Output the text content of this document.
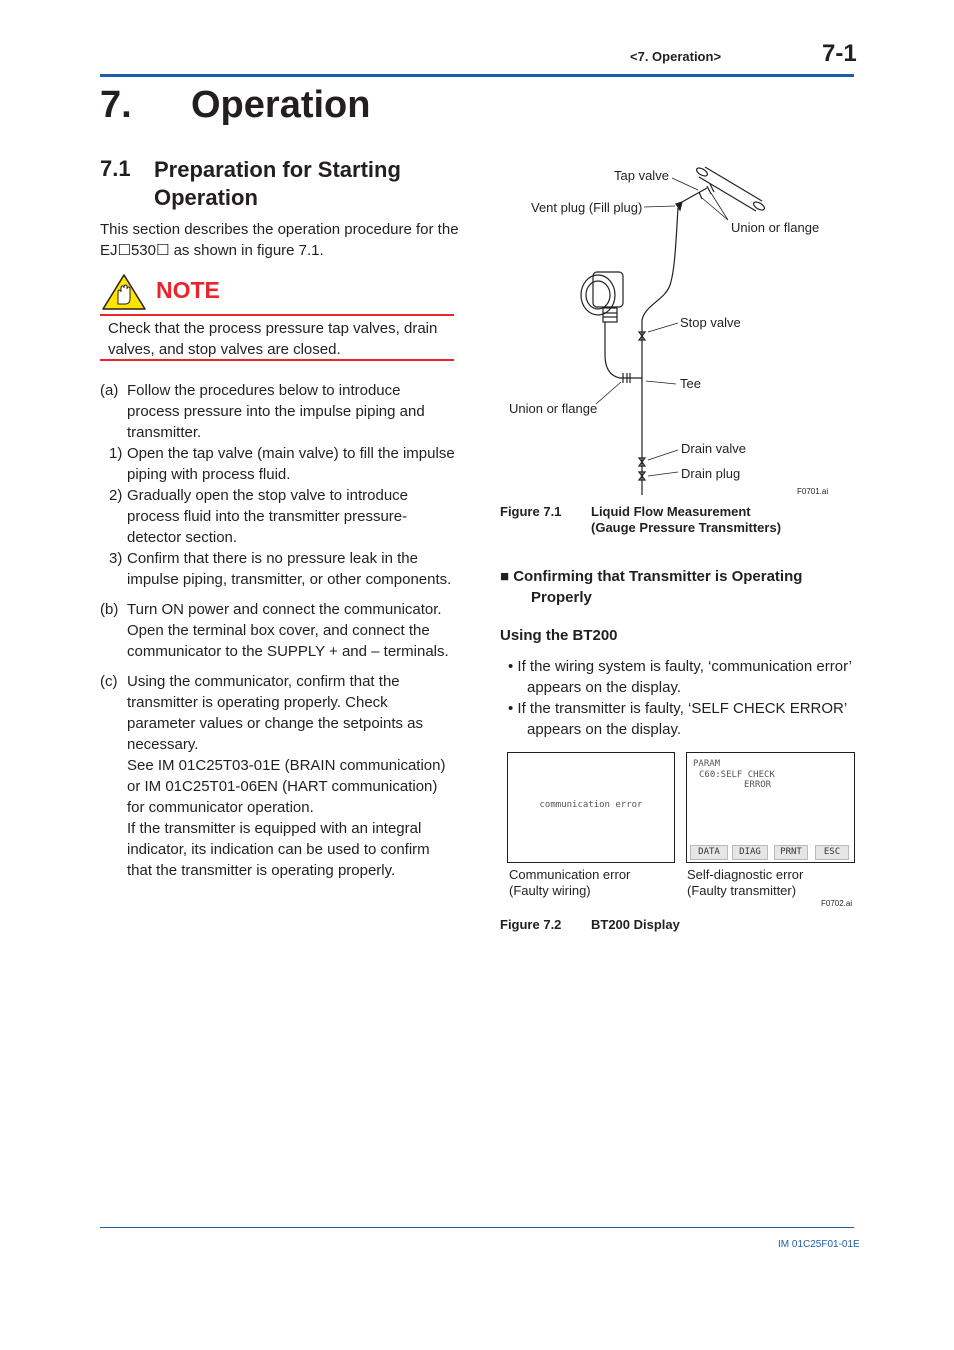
<7. Operation>	7-1
7. Operation
7.1 Preparation for Starting Operation
This section describes the operation procedure for the EJ☐530☐ as shown in figure 7.1.
NOTE
Check that the process pressure tap valves, drain valves, and stop valves are closed.
(a) Follow the procedures below to introduce process pressure into the impulse piping and transmitter.
1) Open the tap valve (main valve) to fill the impulse piping with process fluid.
2) Gradually open the stop valve to introduce process fluid into the transmitter pressure-detector section.
3) Confirm that there is no pressure leak in the impulse piping, transmitter, or other components.
(b) Turn ON power and connect the communicator. Open the terminal box cover, and connect the communicator to the SUPPLY + and – terminals.
(c) Using the communicator, confirm that the transmitter is operating properly. Check parameter values or change the setpoints as necessary.
See IM 01C25T03-01E (BRAIN communication) or IM 01C25T01-06EN (HART communication) for communicator operation.
If the transmitter is equipped with an integral indicator, its indication can be used to confirm that the transmitter is operating properly.
Tap valve
Vent plug (Fill plug)
Union or flange
Stop valve
Tee
Union or flange
Drain valve
Drain plug
F0701.ai
Figure 7.1 Liquid Flow Measurement
(Gauge Pressure Transmitters)
■ Confirming that Transmitter is Operating
Properly
Using the BT200
• If the wiring system is faulty, ‘communication error’ appears on the display.
• If the transmitter is faulty, ‘SELF CHECK ERROR’ appears on the display.
communication error
PARAM
C60:SELF CHECK
ERROR
DATA	DIAG	PRNT	ESC
Communication error
(Faulty wiring)
Self-diagnostic error
(Faulty transmitter)
F0702.ai
Figure 7.2 BT200 Display
IM 01C25F01-01E
